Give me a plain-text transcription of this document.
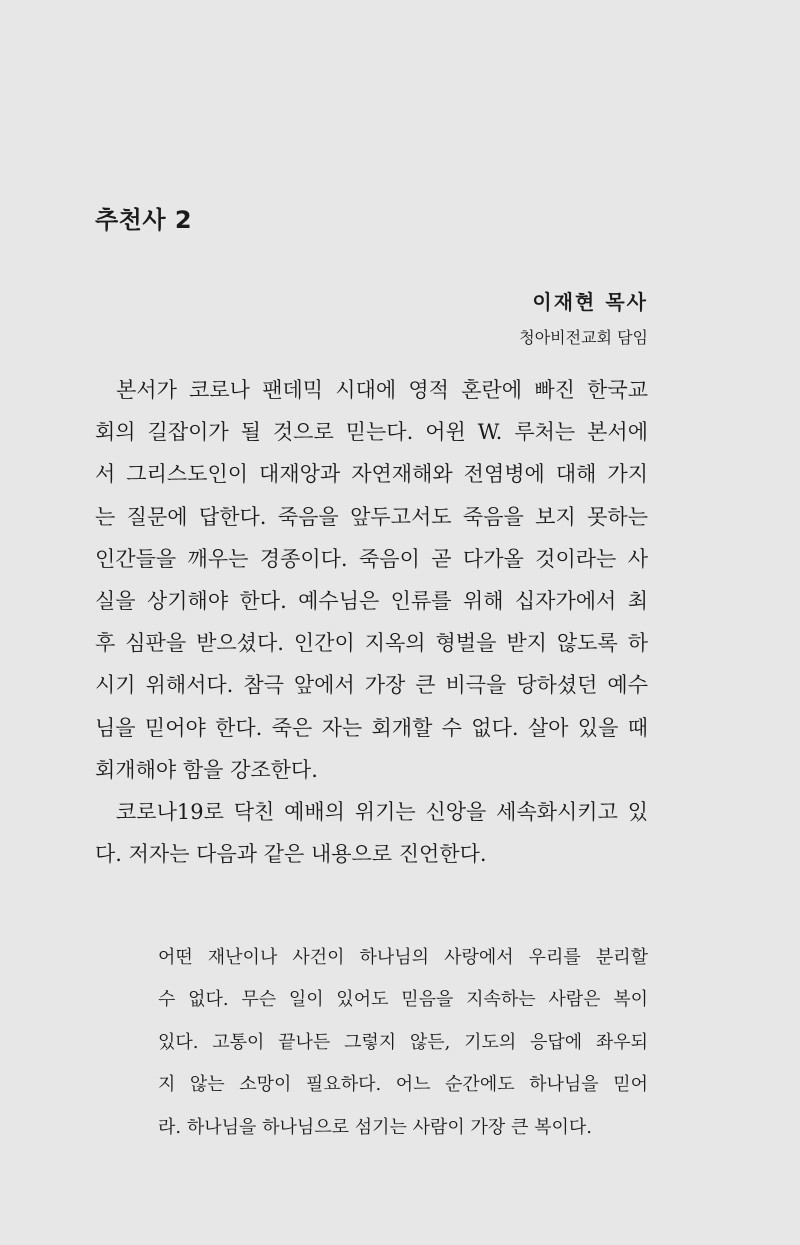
추천사 2
이재현 목사
청아비전교회 담임
본서가 코로나 팬데믹 시대에 영적 혼란에 빠진 한국교
회의 길잡이가 될 것으로 믿는다. 어윈 W. 루처는 본서에
서 그리스도인이 대재앙과 자연재해와 전염병에 대해 가지
는 질문에 답한다. 죽음을 앞두고서도 죽음을 보지 못하는
인간들을 깨우는 경종이다. 죽음이 곧 다가올 것이라는 사
실을 상기해야 한다. 예수님은 인류를 위해 십자가에서 최
후 심판을 받으셨다. 인간이 지옥의 형벌을 받지 않도록 하
시기 위해서다. 참극 앞에서 가장 큰 비극을 당하셨던 예수
님을 믿어야 한다. 죽은 자는 회개할 수 없다. 살아 있을 때
회개해야 함을 강조한다.
코로나19로 닥친 예배의 위기는 신앙을 세속화시키고 있
다. 저자는 다음과 같은 내용으로 진언한다.
어떤 재난이나 사건이 하나님의 사랑에서 우리를 분리할
수 없다. 무슨 일이 있어도 믿음을 지속하는 사람은 복이
있다. 고통이 끝나든 그렇지 않든, 기도의 응답에 좌우되
지 않는 소망이 필요하다. 어느 순간에도 하나님을 믿어
라. 하나님을 하나님으로 섬기는 사람이 가장 큰 복이다.
